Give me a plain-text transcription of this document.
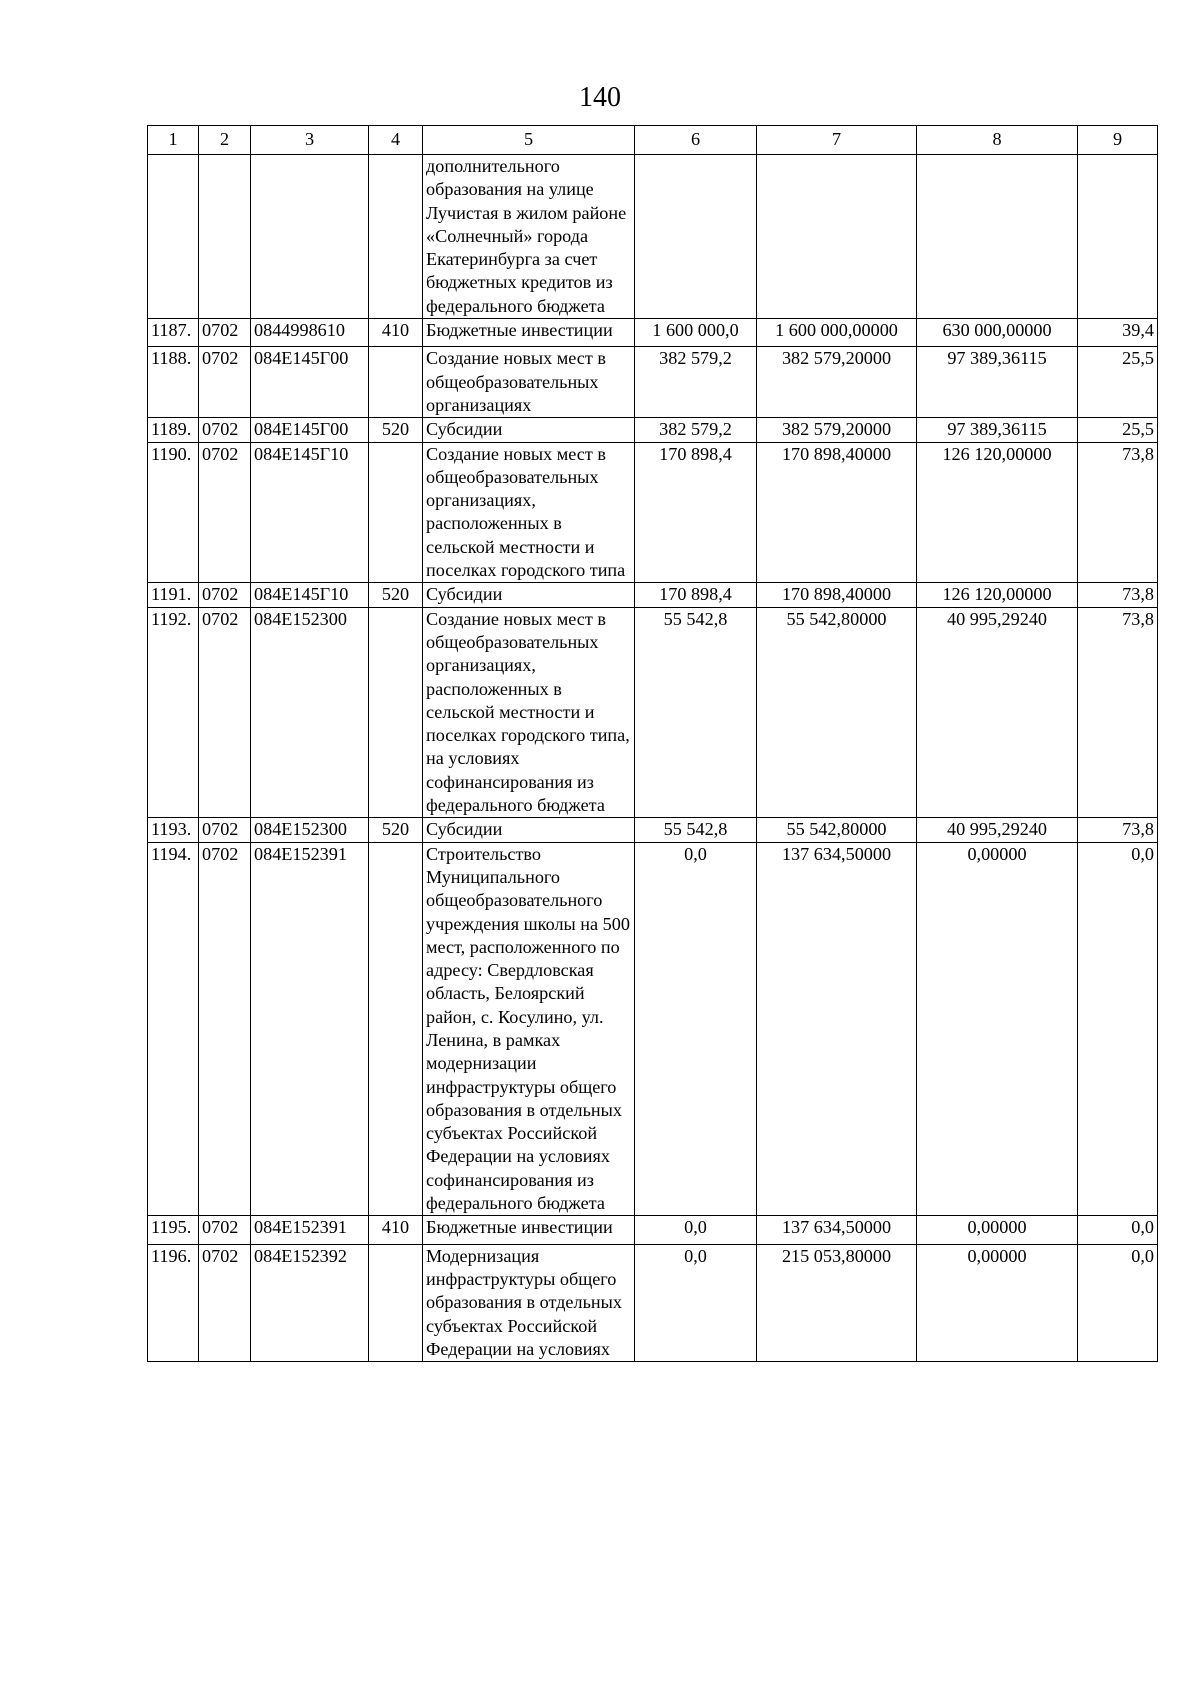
140
1	2	3	4	5	6	7	8	9
				дополнительного образования на улице Лучистая в жилом районе «Солнечный» города Екатеринбурга за счет бюджетных кредитов из федерального бюджета				
1187.	0702	0844998610	410	Бюджетные инвестиции	1 600 000,0	1 600 000,00000	630 000,00000	39,4
1188.	0702	084E145Г00		Создание новых мест в общеобразовательных организациях	382 579,2	382 579,20000	97 389,36115	25,5
1189.	0702	084E145Г00	520	Субсидии	382 579,2	382 579,20000	97 389,36115	25,5
1190.	0702	084E145Г10		Создание новых мест в общеобразовательных организациях, расположенных в сельской местности и поселках городского типа	170 898,4	170 898,40000	126 120,00000	73,8
1191.	0702	084E145Г10	520	Субсидии	170 898,4	170 898,40000	126 120,00000	73,8
1192.	0702	084E152300		Создание новых мест в общеобразовательных организациях, расположенных в сельской местности и поселках городского типа, на условиях софинансирования из федерального бюджета	55 542,8	55 542,80000	40 995,29240	73,8
1193.	0702	084E152300	520	Субсидии	55 542,8	55 542,80000	40 995,29240	73,8
1194.	0702	084E152391		Строительство Муниципального общеобразовательного учреждения школы на 500 мест, расположенного по адресу: Свердловская область, Белоярский район, с. Косулино, ул. Ленина, в рамках модернизации инфраструктуры общего образования в отдельных субъектах Российской Федерации на условиях софинансирования из федерального бюджета	0,0	137 634,50000	0,00000	0,0
1195.	0702	084E152391	410	Бюджетные инвестиции	0,0	137 634,50000	0,00000	0,0
1196.	0702	084E152392		Модернизация инфраструктуры общего образования в отдельных субъектах Российской Федерации на условиях	0,0	215 053,80000	0,00000	0,0
